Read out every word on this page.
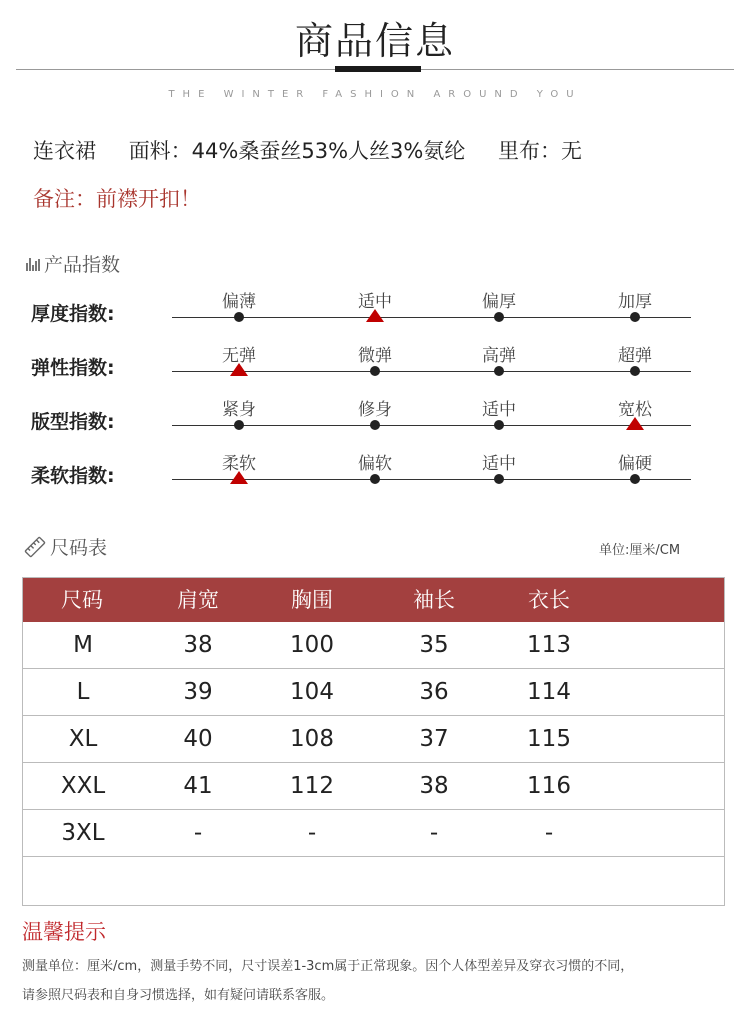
商品信息
THE WINTER FASHION AROUND YOU
连衣裙 面料：44%桑蚕丝53%人丝3%氨纶 里布：无
备注：前襟开扣！
产品指数
厚度指数:
偏薄	适中	偏厚	加厚
弹性指数:
无弹	微弹	高弹	超弹
版型指数:
紧身	修身	适中	宽松
柔软指数:
柔软	偏软	适中	偏硬
尺码表	单位:厘米/CM
尺码	肩宽	胸围	袖长	衣长
M	38	100	35	113
L	39	104	36	114
XL	40	108	37	115
XXL	41	112	38	116
3XL	-	-	-	-
温馨提示
测量单位：厘米/cm，测量手势不同，尺寸误差1-3cm属于正常现象。因个人体型差异及穿衣习惯的不同，
请参照尺码表和自身习惯选择，如有疑问请联系客服。
